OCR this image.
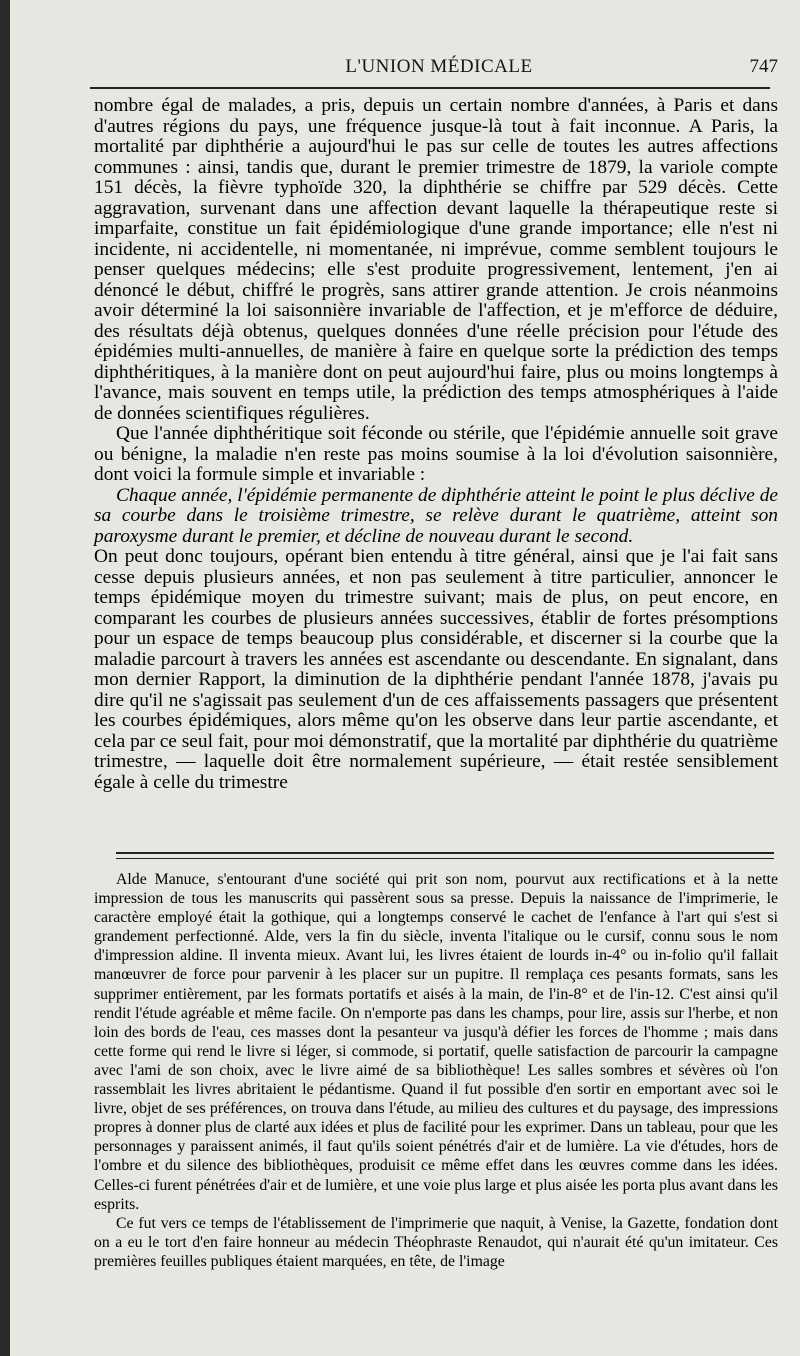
L'UNION MÉDICALE	747

nombre égal de malades, a pris, depuis un certain nombre d'années, à Paris et dans d'autres régions du pays, une fréquence jusque-là tout à fait inconnue. A Paris, la mortalité par diphthérie a aujourd'hui le pas sur celle de toutes les autres affections communes : ainsi, tandis que, durant le premier trimestre de 1879, la variole compte 151 décès, la fièvre typhoïde 320, la diphthérie se chiffre par 529 décès. Cette aggravation, survenant dans une affection devant laquelle la thérapeutique reste si imparfaite, constitue un fait épidémiologique d'une grande importance; elle n'est ni incidente, ni accidentelle, ni momentanée, ni imprévue, comme semblent toujours le penser quelques médecins; elle s'est produite progressivement, lentement, j'en ai dénoncé le début, chiffré le progrès, sans attirer grande attention. Je crois néanmoins avoir déterminé la loi saisonnière invariable de l'affection, et je m'efforce de déduire, des résultats déjà obtenus, quelques données d'une réelle précision pour l'étude des épidémies multi-annuelles, de manière à faire en quelque sorte la prédiction des temps diphthéritiques, à la manière dont on peut aujourd'hui faire, plus ou moins longtemps à l'avance, mais souvent en temps utile, la prédiction des temps atmosphériques à l'aide de données scientifiques régulières.

Que l'année diphthéritique soit féconde ou stérile, que l'épidémie annuelle soit grave ou bénigne, la maladie n'en reste pas moins soumise à la loi d'évolution saisonnière, dont voici la formule simple et invariable :

Chaque année, l'épidémie permanente de diphthérie atteint le point le plus déclive de sa courbe dans le troisième trimestre, se relève durant le quatrième, atteint son paroxysme durant le premier, et décline de nouveau durant le second.

On peut donc toujours, opérant bien entendu à titre général, ainsi que je l'ai fait sans cesse depuis plusieurs années, et non pas seulement à titre particulier, annoncer le temps épidémique moyen du trimestre suivant; mais de plus, on peut encore, en comparant les courbes de plusieurs années successives, établir de fortes présomptions pour un espace de temps beaucoup plus considérable, et discerner si la courbe que la maladie parcourt à travers les années est ascendante ou descendante. En signalant, dans mon dernier Rapport, la diminution de la diphthérie pendant l'année 1878, j'avais pu dire qu'il ne s'agissait pas seulement d'un de ces affaissements passagers que présentent les courbes épidémiques, alors même qu'on les observe dans leur partie ascendante, et cela par ce seul fait, pour moi démonstratif, que la mortalité par diphthérie du quatrième trimestre, — laquelle doit être normalement supérieure, — était restée sensiblement égale à celle du trimestre

Alde Manuce, s'entourant d'une société qui prit son nom, pourvut aux rectifications et à la nette impression de tous les manuscrits qui passèrent sous sa presse. Depuis la naissance de l'imprimerie, le caractère employé était la gothique, qui a longtemps conservé le cachet de l'enfance à l'art qui s'est si grandement perfectionné. Alde, vers la fin du siècle, inventa l'italique ou le cursif, connu sous le nom d'impression aldine. Il inventa mieux. Avant lui, les livres étaient de lourds in-4° ou in-folio qu'il fallait manœuvrer de force pour parvenir à les placer sur un pupitre. Il remplaça ces pesants formats, sans les supprimer entièrement, par les formats portatifs et aisés à la main, de l'in-8° et de l'in-12. C'est ainsi qu'il rendit l'étude agréable et même facile. On n'emporte pas dans les champs, pour lire, assis sur l'herbe, et non loin des bords de l'eau, ces masses dont la pesanteur va jusqu'à défier les forces de l'homme ; mais dans cette forme qui rend le livre si léger, si commode, si portatif, quelle satisfaction de parcourir la campagne avec l'ami de son choix, avec le livre aimé de sa bibliothèque! Les salles sombres et sévères où l'on rassemblait les livres abritaient le pédantisme. Quand il fut possible d'en sortir en emportant avec soi le livre, objet de ses préférences, on trouva dans l'étude, au milieu des cultures et du paysage, des impressions propres à donner plus de clarté aux idées et plus de facilité pour les exprimer. Dans un tableau, pour que les personnages y paraissent animés, il faut qu'ils soient pénétrés d'air et de lumière. La vie d'études, hors de l'ombre et du silence des bibliothèques, produisit ce même effet dans les œuvres comme dans les idées. Celles-ci furent pénétrées d'air et de lumière, et une voie plus large et plus aisée les porta plus avant dans les esprits.

Ce fut vers ce temps de l'établissement de l'imprimerie que naquit, à Venise, la Gazette, fondation dont on a eu le tort d'en faire honneur au médecin Théophraste Renaudot, qui n'aurait été qu'un imitateur. Ces premières feuilles publiques étaient marquées, en tête, de l'image
